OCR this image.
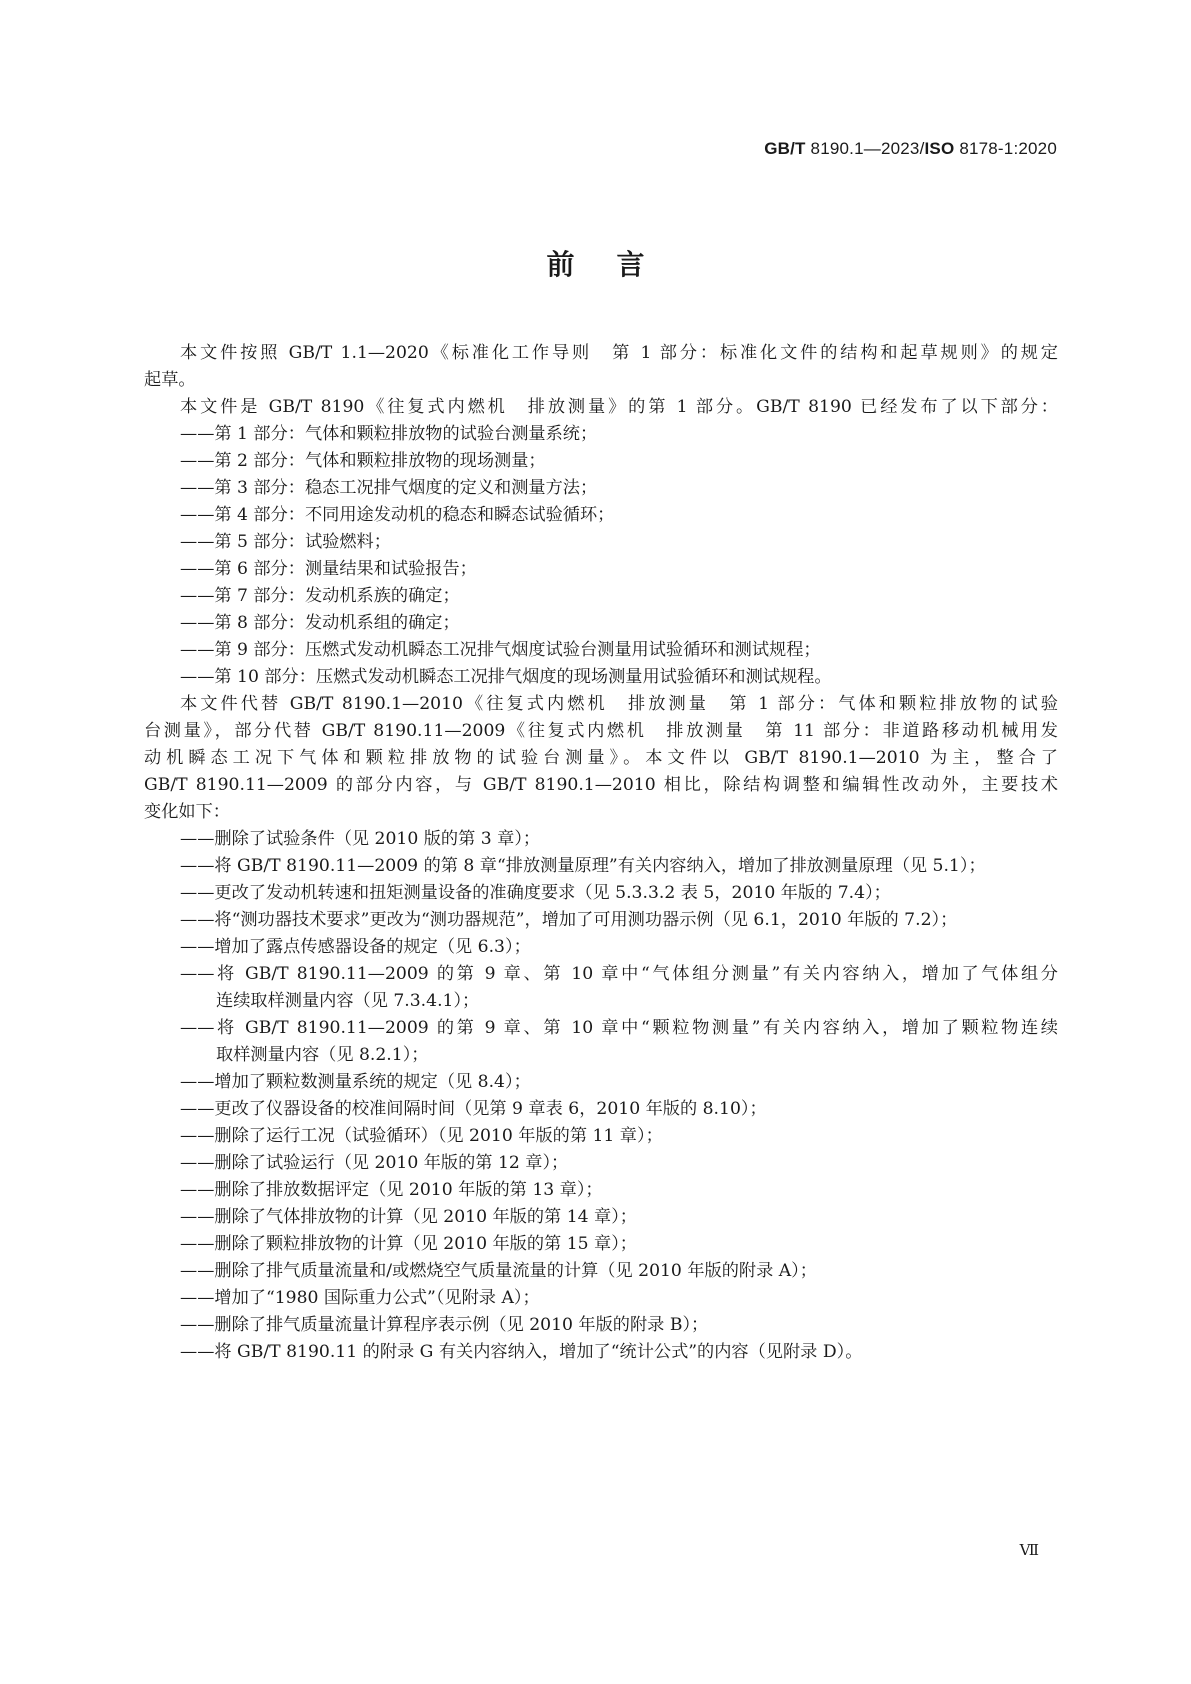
GB/T 8190.1—2023/ISO 8178-1:2020
前言
本文件按照 GB/T 1.1—2020《标准化工作导则　第 1 部分：标准化文件的结构和起草规则》的规定
起草。
本文件是 GB/T 8190《往复式内燃机　排放测量》的第 1 部分。GB/T 8190 已经发布了以下部分：
——第 1 部分：气体和颗粒排放物的试验台测量系统；
——第 2 部分：气体和颗粒排放物的现场测量；
——第 3 部分：稳态工况排气烟度的定义和测量方法；
——第 4 部分：不同用途发动机的稳态和瞬态试验循环；
——第 5 部分：试验燃料；
——第 6 部分：测量结果和试验报告；
——第 7 部分：发动机系族的确定；
——第 8 部分：发动机系组的确定；
——第 9 部分：压燃式发动机瞬态工况排气烟度试验台测量用试验循环和测试规程；
——第 10 部分：压燃式发动机瞬态工况排气烟度的现场测量用试验循环和测试规程。
本文件代替 GB/T 8190.1—2010《往复式内燃机　排放测量　第 1 部分：气体和颗粒排放物的试验
台测量》，部分代替 GB/T 8190.11—2009《往复式内燃机　排放测量　第 11 部分：非道路移动机械用发
动机瞬态工况下气体和颗粒排放物的试验台测量》。本文件以 GB/T 8190.1—2010 为主，整合了
GB/T 8190.11—2009 的部分内容，与 GB/T 8190.1—2010 相比，除结构调整和编辑性改动外，主要技术
变化如下：
——删除了试验条件（见 2010 版的第 3 章）；
——将 GB/T 8190.11—2009 的第 8 章“排放测量原理”有关内容纳入，增加了排放测量原理（见 5.1）；
——更改了发动机转速和扭矩测量设备的准确度要求（见 5.3.3.2 表 5，2010 年版的 7.4）；
——将“测功器技术要求”更改为“测功器规范”，增加了可用测功器示例（见 6.1，2010 年版的 7.2）；
——增加了露点传感器设备的规定（见 6.3）；
——将 GB/T 8190.11—2009 的第 9 章、第 10 章中“气体组分测量”有关内容纳入，增加了气体组分
连续取样测量内容（见 7.3.4.1）；
——将 GB/T 8190.11—2009 的第 9 章、第 10 章中“颗粒物测量”有关内容纳入，增加了颗粒物连续
取样测量内容（见 8.2.1）；
——增加了颗粒数测量系统的规定（见 8.4）；
——更改了仪器设备的校准间隔时间（见第 9 章表 6，2010 年版的 8.10）；
——删除了运行工况（试验循环）（见 2010 年版的第 11 章）；
——删除了试验运行（见 2010 年版的第 12 章）；
——删除了排放数据评定（见 2010 年版的第 13 章）；
——删除了气体排放物的计算（见 2010 年版的第 14 章）；
——删除了颗粒排放物的计算（见 2010 年版的第 15 章）；
——删除了排气质量流量和/或燃烧空气质量流量的计算（见 2010 年版的附录 A）；
——增加了“1980 国际重力公式”（见附录 A）；
——删除了排气质量流量计算程序表示例（见 2010 年版的附录 B）；
——将 GB/T 8190.11 的附录 G 有关内容纳入，增加了“统计公式”的内容（见附录 D）。
Ⅶ
